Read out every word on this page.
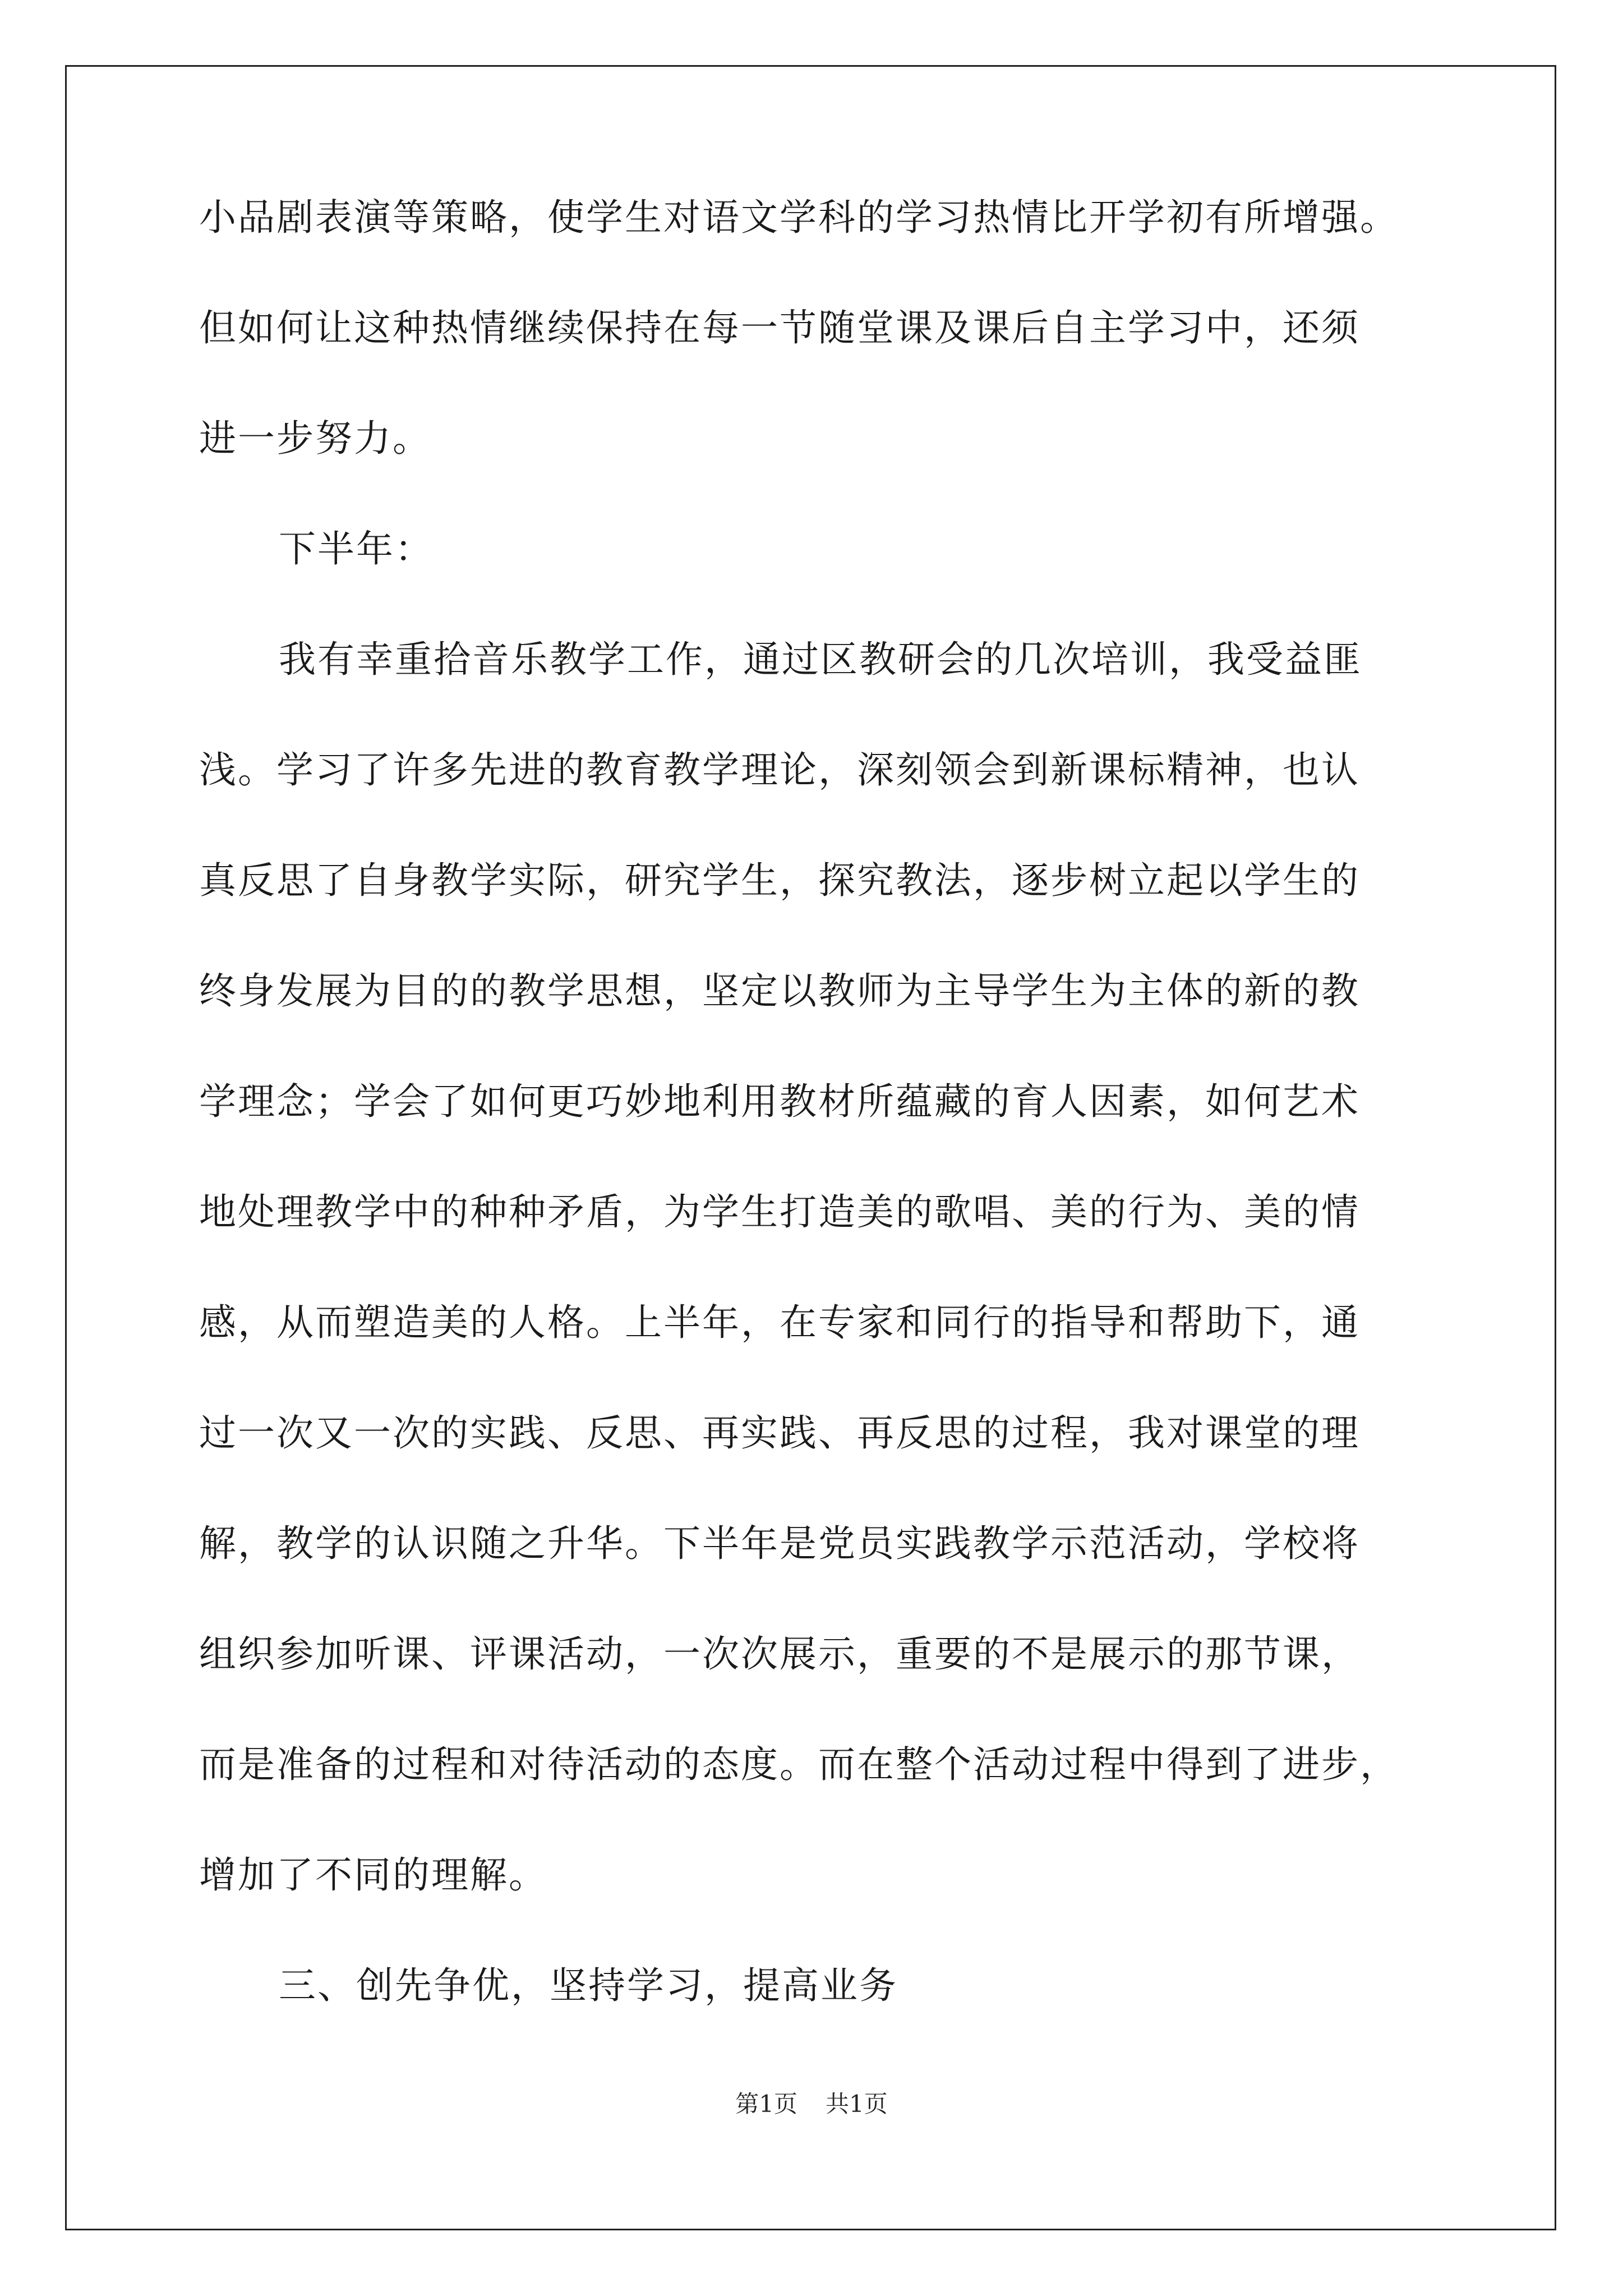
小品剧表演等策略，使学生对语文学科的学习热情比开学初有所增强。

但如何让这种热情继续保持在每一节随堂课及课后自主学习中，还须

进一步努力。

下半年：

我有幸重拾音乐教学工作，通过区教研会的几次培训，我受益匪

浅。学习了许多先进的教育教学理论，深刻领会到新课标精神，也认

真反思了自身教学实际，研究学生，探究教法，逐步树立起以学生的

终身发展为目的的教学思想，坚定以教师为主导学生为主体的新的教

学理念；学会了如何更巧妙地利用教材所蕴藏的育人因素，如何艺术

地处理教学中的种种矛盾，为学生打造美的歌唱、美的行为、美的情

感，从而塑造美的人格。上半年，在专家和同行的指导和帮助下，通

过一次又一次的实践、反思、再实践、再反思的过程，我对课堂的理

解，教学的认识随之升华。下半年是党员实践教学示范活动，学校将

组织参加听课、评课活动，一次次展示，重要的不是展示的那节课，

而是准备的过程和对待活动的态度。而在整个活动过程中得到了进步，

增加了不同的理解。

三、创先争优，坚持学习，提高业务

第1页 共1页
